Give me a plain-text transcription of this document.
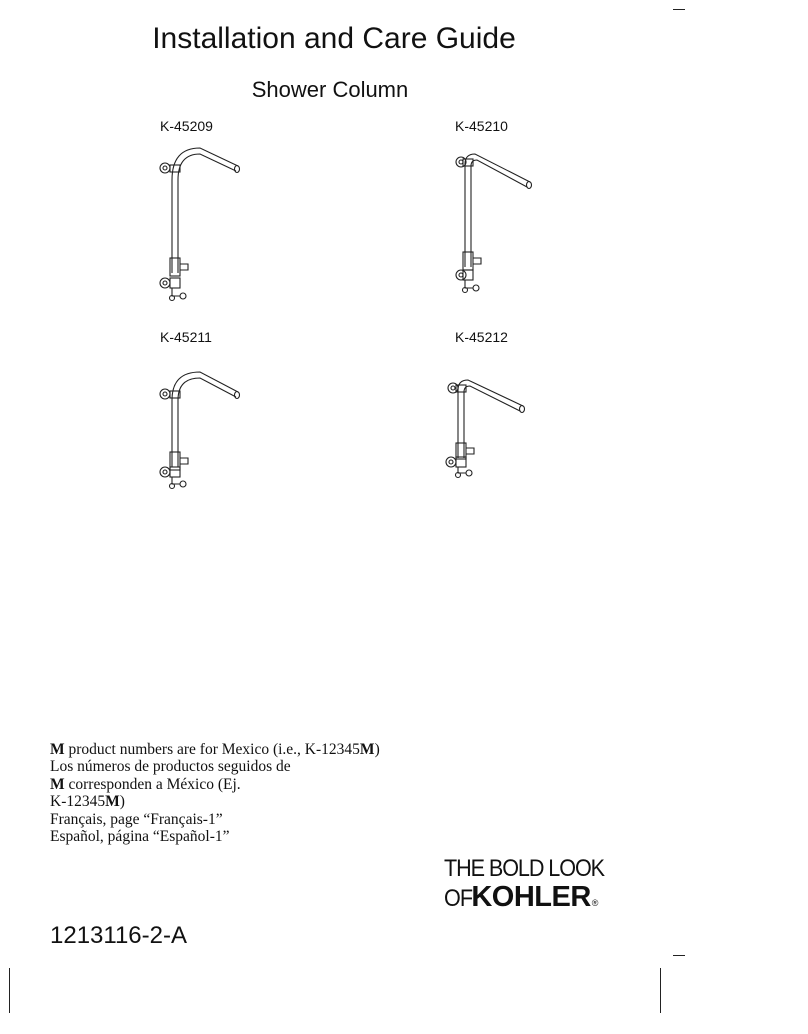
Installation and Care Guide
Shower Column
K-45209	K-45210
K-45211	K-45212
M product numbers are for Mexico (i.e., K-12345M)
Los números de productos seguidos de
M corresponden a México (Ej.
K-12345M)
Français, page “Français-1”
Español, página “Español-1”
THE BOLD LOOK
OFKOHLER®
1213116-2-A
